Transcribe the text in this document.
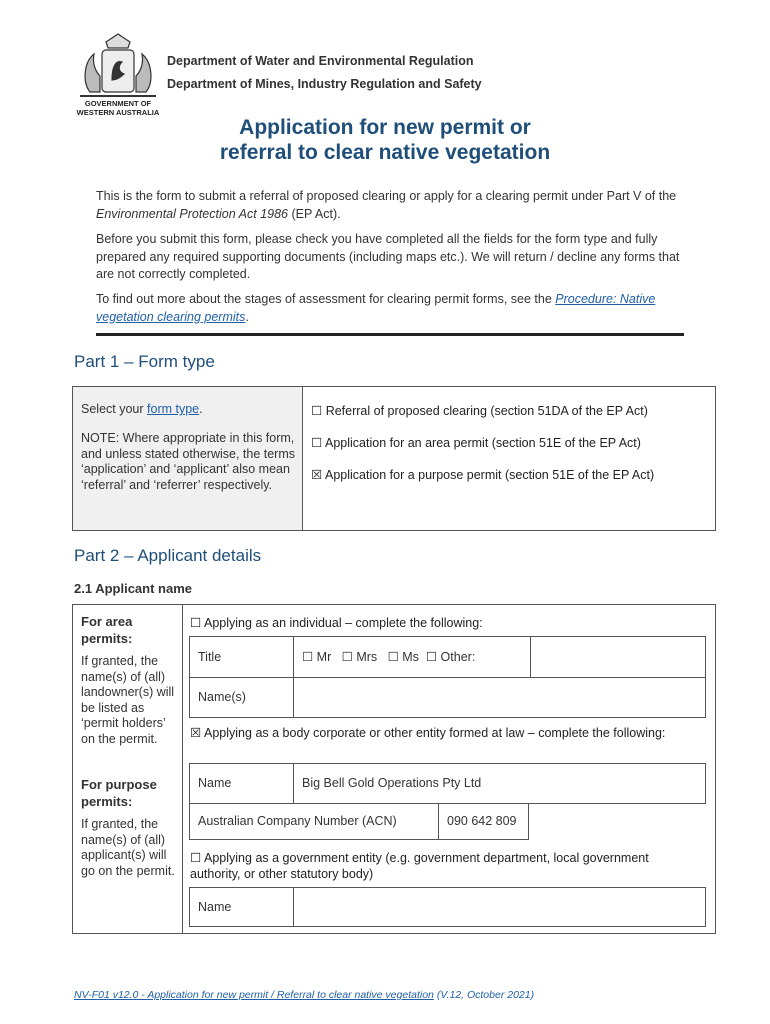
GOVERNMENT OF WESTERN AUSTRALIA
Department of Water and Environmental Regulation
Department of Mines, Industry Regulation and Safety
Application for new permit or
referral to clear native vegetation
This is the form to submit a referral of proposed clearing or apply for a clearing permit under Part V of the Environmental Protection Act 1986 (EP Act).
Before you submit this form, please check you have completed all the fields for the form type and fully prepared any required supporting documents (including maps etc.). We will return / decline any forms that are not correctly completed.
To find out more about the stages of assessment for clearing permit forms, see the Procedure: Native vegetation clearing permits.
Part 1 – Form type
Select your form type.
NOTE: Where appropriate in this form, and unless stated otherwise, the terms ‘application’ and ‘applicant’ also mean ‘referral’ and ‘referrer’ respectively.
☐ Referral of proposed clearing (section 51DA of the EP Act)
☐ Application for an area permit (section 51E of the EP Act)
☒ Application for a purpose permit (section 51E of the EP Act)
Part 2 – Applicant details
2.1 Applicant name
For area permits:
If granted, the name(s) of (all) landowner(s) will be listed as ‘permit holders’ on the permit.
For purpose permits:
If granted, the name(s) of (all) applicant(s) will go on the permit.
☐ Applying as an individual – complete the following:
Title	☐ Mr   ☐ Mrs   ☐ Ms  ☐ Other:
Name(s)
☒ Applying as a body corporate or other entity formed at law – complete the following:
Name	Big Bell Gold Operations Pty Ltd
Australian Company Number (ACN)	090 642 809
☐ Applying as a government entity (e.g. government department, local government authority, or other statutory body)
Name
NV-F01 v12.0 - Application for new permit / Referral to clear native vegetation (V.12, October 2021)
